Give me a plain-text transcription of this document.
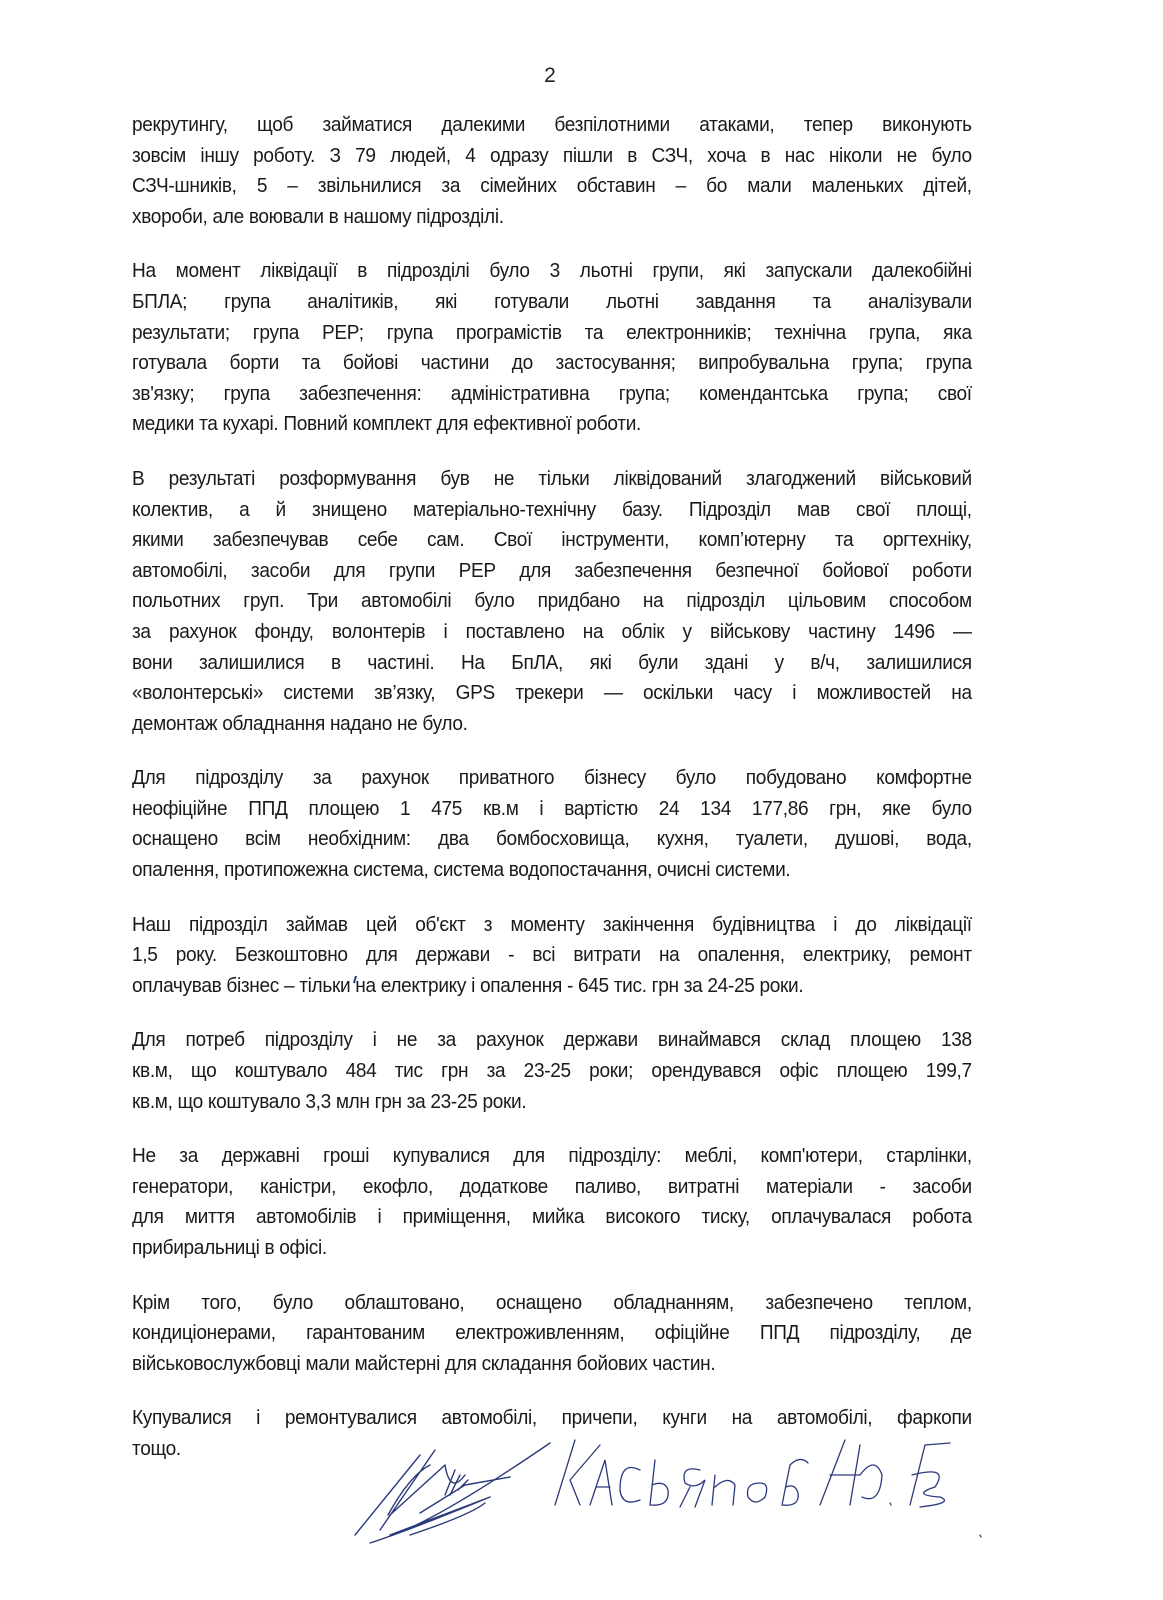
2

рекрутингу, щоб займатися далекими безпілотними атаками, тепер виконують
зовсім іншу роботу. З 79 людей, 4 одразу пішли в СЗЧ, хоча в нас ніколи не було
СЗЧ-шників, 5 – звільнилися за сімейних обставин – бо мали маленьких дітей,
хвороби, але воювали в нашому підрозділі.

На момент ліквідації в підрозділі було 3 льотні групи, які запускали далекобійні
БПЛА; група аналітиків, які готували льотні завдання та аналізували
результати; група РЕР; група програмістів та електронників; технічна група, яка
готувала борти та бойові частини до застосування; випробувальна група; група
зв'язку; група забезпечення: адміністративна група; комендантська група; свої
медики та кухарі. Повний комплект для ефективної роботи.

В результаті розформування був не тільки ліквідований злагоджений військовий
колектив, а й знищено матеріально-технічну базу. Підрозділ мав свої площі,
якими забезпечував себе сам. Свої інструменти, комп’ютерну та оргтехніку,
автомобілі, засоби для групи РЕР для забезпечення безпечної бойової роботи
польотних груп. Три автомобілі було придбано на підрозділ цільовим способом
за рахунок фонду, волонтерів і поставлено на облік у військову частину 1496 —
вони залишилися в частині. На БпЛА, які були здані у в/ч, залишилися
«волонтерські» системи зв’язку, GPS трекери — оскільки часу і можливостей на
демонтаж обладнання надано не було.

Для підрозділу за рахунок приватного бізнесу було побудовано комфортне
неофіційне ППД площею 1 475 кв.м і вартістю 24 134 177,86 грн, яке було
оснащено всім необхідним: два бомбосховища, кухня, туалети, душові, вода,
опалення, протипожежна система, система водопостачання, очисні системи.

Наш підрозділ займав цей об'єкт з моменту закінчення будівництва і до ліквідації
1,5 року. Безкоштовно для держави - всі витрати на опалення, електрику, ремонт
оплачував бізнес – тільки на електрику і опалення - 645 тис. грн за 24-25 роки.

Для потреб підрозділу і не за рахунок держави винаймався склад площею 138
кв.м, що коштувало 484 тис грн за 23-25 роки; орендувався офіс площею 199,7
кв.м, що коштувало 3,3 млн грн за 23-25 роки.

Не за державні гроші купувалися для підрозділу: меблі, комп'ютери, старлінки,
генератори, каністри, екофло, додаткове паливо, витратні матеріали - засоби
для миття автомобілів і приміщення, мийка високого тиску, оплачувалася робота
прибиральниці в офісі.

Крім того, було облаштовано, оснащено обладнанням, забезпечено теплом,
кондиціонерами, гарантованим електроживленням, офіційне ППД підрозділу, де
військовослужбовці мали майстерні для складання бойових частин.

Купувалися і ремонтувалися автомобілі, причепи, кунги на автомобілі, фаркопи
тощо.
